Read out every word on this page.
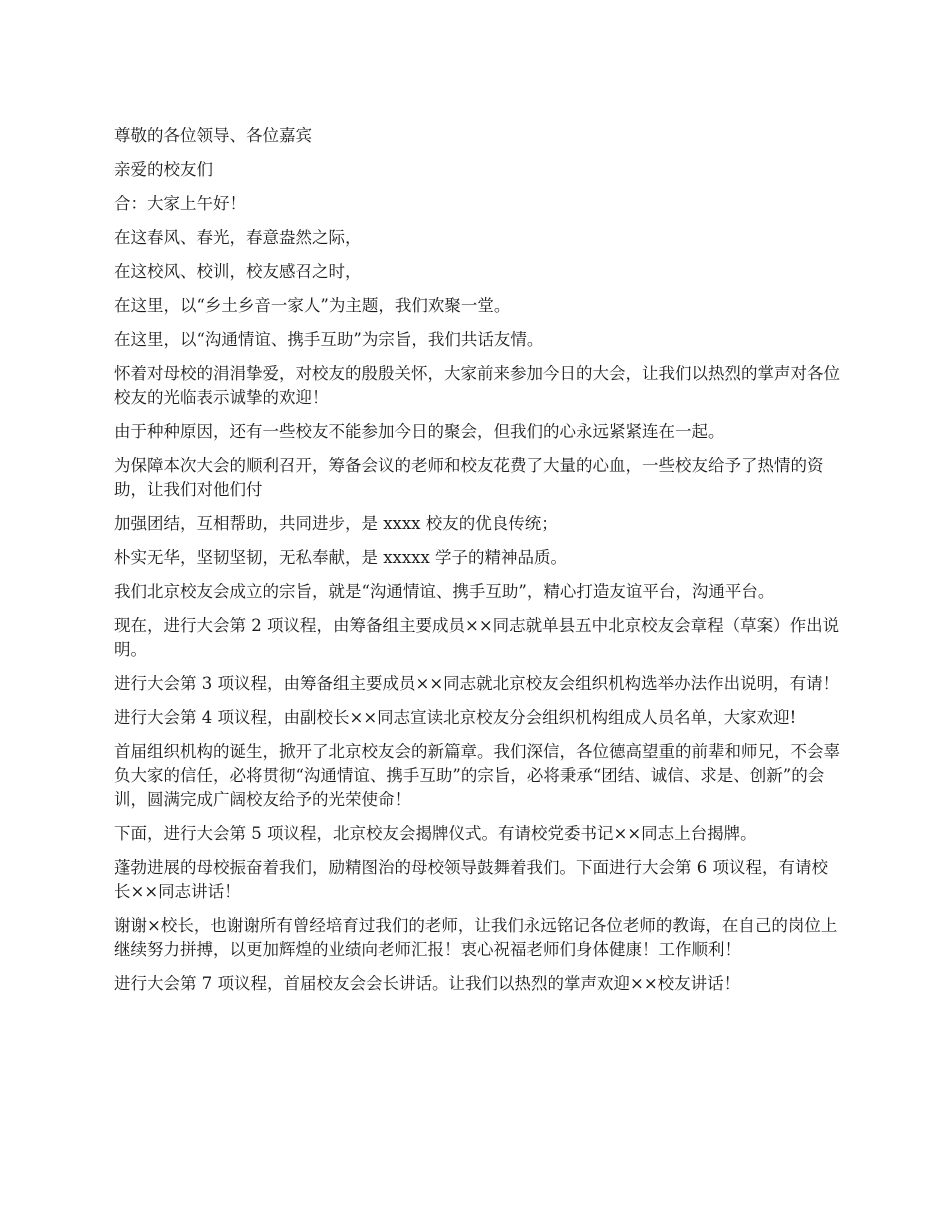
尊敬的各位领导、各位嘉宾

亲爱的校友们

合：大家上午好！

在这春风、春光，春意盎然之际，

在这校风、校训，校友感召之时，

在这里，以“乡土乡音一家人”为主题，我们欢聚一堂。

在这里，以“沟通情谊、携手互助”为宗旨，我们共话友情。

怀着对母校的涓涓挚爱，对校友的殷殷关怀，大家前来参加今日的大会，让我们以热烈的掌声对各位校友的光临表示诚挚的欢迎！

由于种种原因，还有一些校友不能参加今日的聚会，但我们的心永远紧紧连在一起。

为保障本次大会的顺利召开，筹备会议的老师和校友花费了大量的心血，一些校友给予了热情的资助，让我们对他们付

加强团结，互相帮助，共同进步，是 xxxx 校友的优良传统；

朴实无华，坚韧坚韧，无私奉献，是 xxxxx 学子的精神品质。

我们北京校友会成立的宗旨，就是“沟通情谊、携手互助”，精心打造友谊平台，沟通平台。

现在，进行大会第 2 项议程，由筹备组主要成员××同志就单县五中北京校友会章程（草案）作出说明。

进行大会第 3 项议程，由筹备组主要成员××同志就北京校友会组织机构选举办法作出说明，有请！

进行大会第 4 项议程，由副校长××同志宣读北京校友分会组织机构组成人员名单，大家欢迎!

首届组织机构的诞生，掀开了北京校友会的新篇章。我们深信，各位德高望重的前辈和师兄，不会辜负大家的信任，必将贯彻“沟通情谊、携手互助”的宗旨，必将秉承“团结、诚信、求是、创新”的会训，圆满完成广阔校友给予的光荣使命！

下面，进行大会第 5 项议程，北京校友会揭牌仪式。有请校党委书记××同志上台揭牌。

蓬勃进展的母校振奋着我们，励精图治的母校领导鼓舞着我们。下面进行大会第 6 项议程，有请校长××同志讲话！

谢谢×校长，也谢谢所有曾经培育过我们的老师，让我们永远铭记各位老师的教诲，在自己的岗位上继续努力拼搏，以更加辉煌的业绩向老师汇报！衷心祝福老师们身体健康！工作顺利！

进行大会第 7 项议程，首届校友会会长讲话。让我们以热烈的掌声欢迎××校友讲话！
